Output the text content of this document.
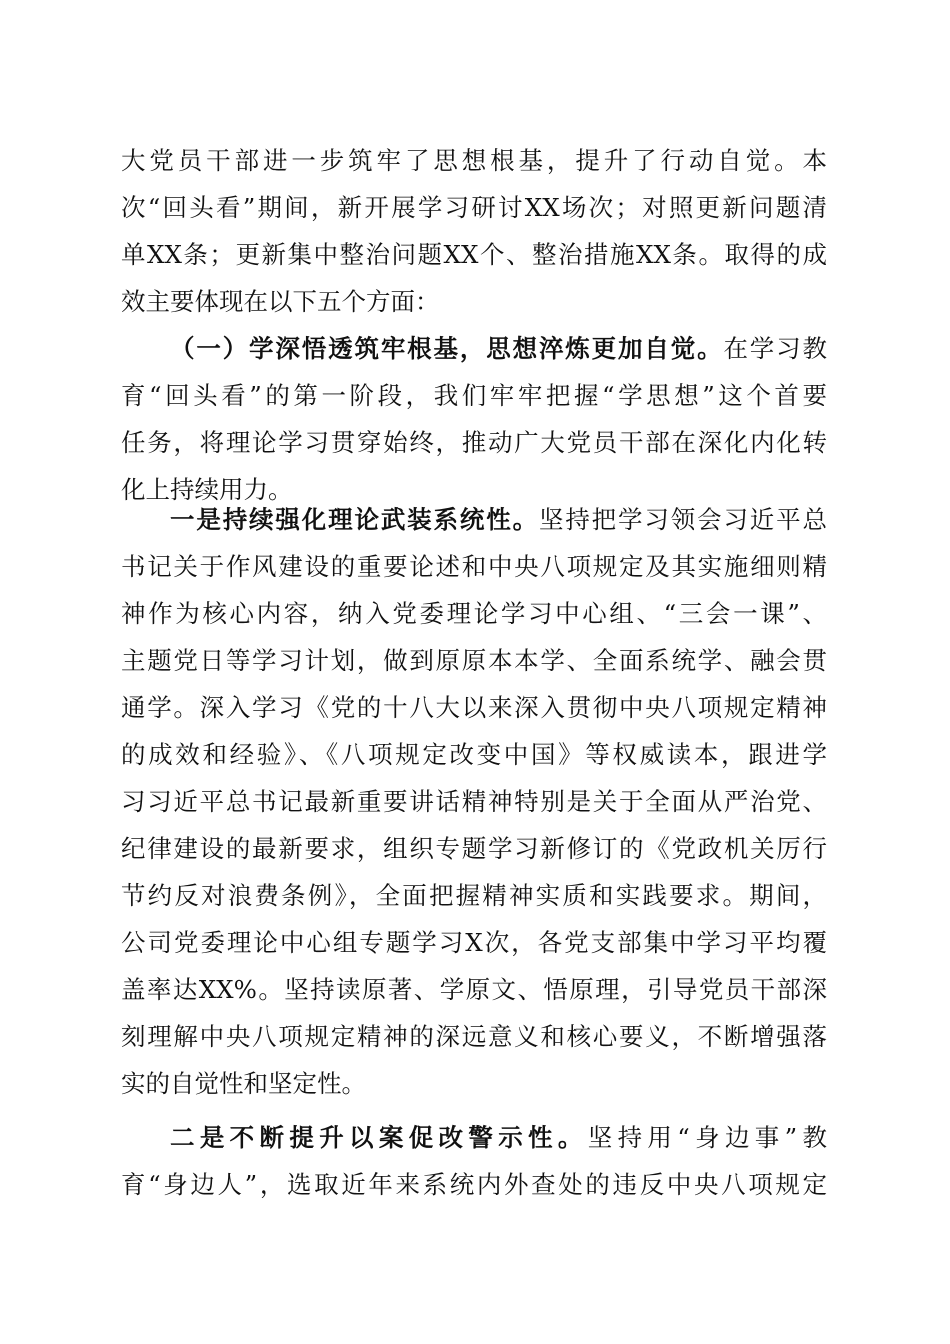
大党员干部进一步筑牢了思想根基，提升了行动自觉。本
次“回头看”期间，新开展学习研讨XX场次；对照更新问题清
单XX条；更新集中整治问题XX个、整治措施XX条。取得的成
效主要体现在以下五个方面：
（一）学深悟透筑牢根基，思想淬炼更加自觉。在学习教
育“回头看”的第一阶段，我们牢牢把握“学思想”这个首要
任务，将理论学习贯穿始终，推动广大党员干部在深化内化转
化上持续用力。
一是持续强化理论武装系统性。坚持把学习领会习近平总
书记关于作风建设的重要论述和中央八项规定及其实施细则精
神作为核心内容，纳入党委理论学习中心组、“三会一课”、
主题党日等学习计划，做到原原本本学、全面系统学、融会贯
通学。深入学习《党的十八大以来深入贯彻中央八项规定精神
的成效和经验》、《八项规定改变中国》等权威读本，跟进学
习习近平总书记最新重要讲话精神特别是关于全面从严治党、
纪律建设的最新要求，组织专题学习新修订的《党政机关厉行
节约反对浪费条例》，全面把握精神实质和实践要求。期间，
公司党委理论中心组专题学习X次，各党支部集中学习平均覆
盖率达XX%。坚持读原著、学原文、悟原理，引导党员干部深
刻理解中央八项规定精神的深远意义和核心要义，不断增强落
实的自觉性和坚定性。
二是不断提升以案促改警示性。坚持用“身边事”教
育“身边人”，选取近年来系统内外查处的违反中央八项规定
